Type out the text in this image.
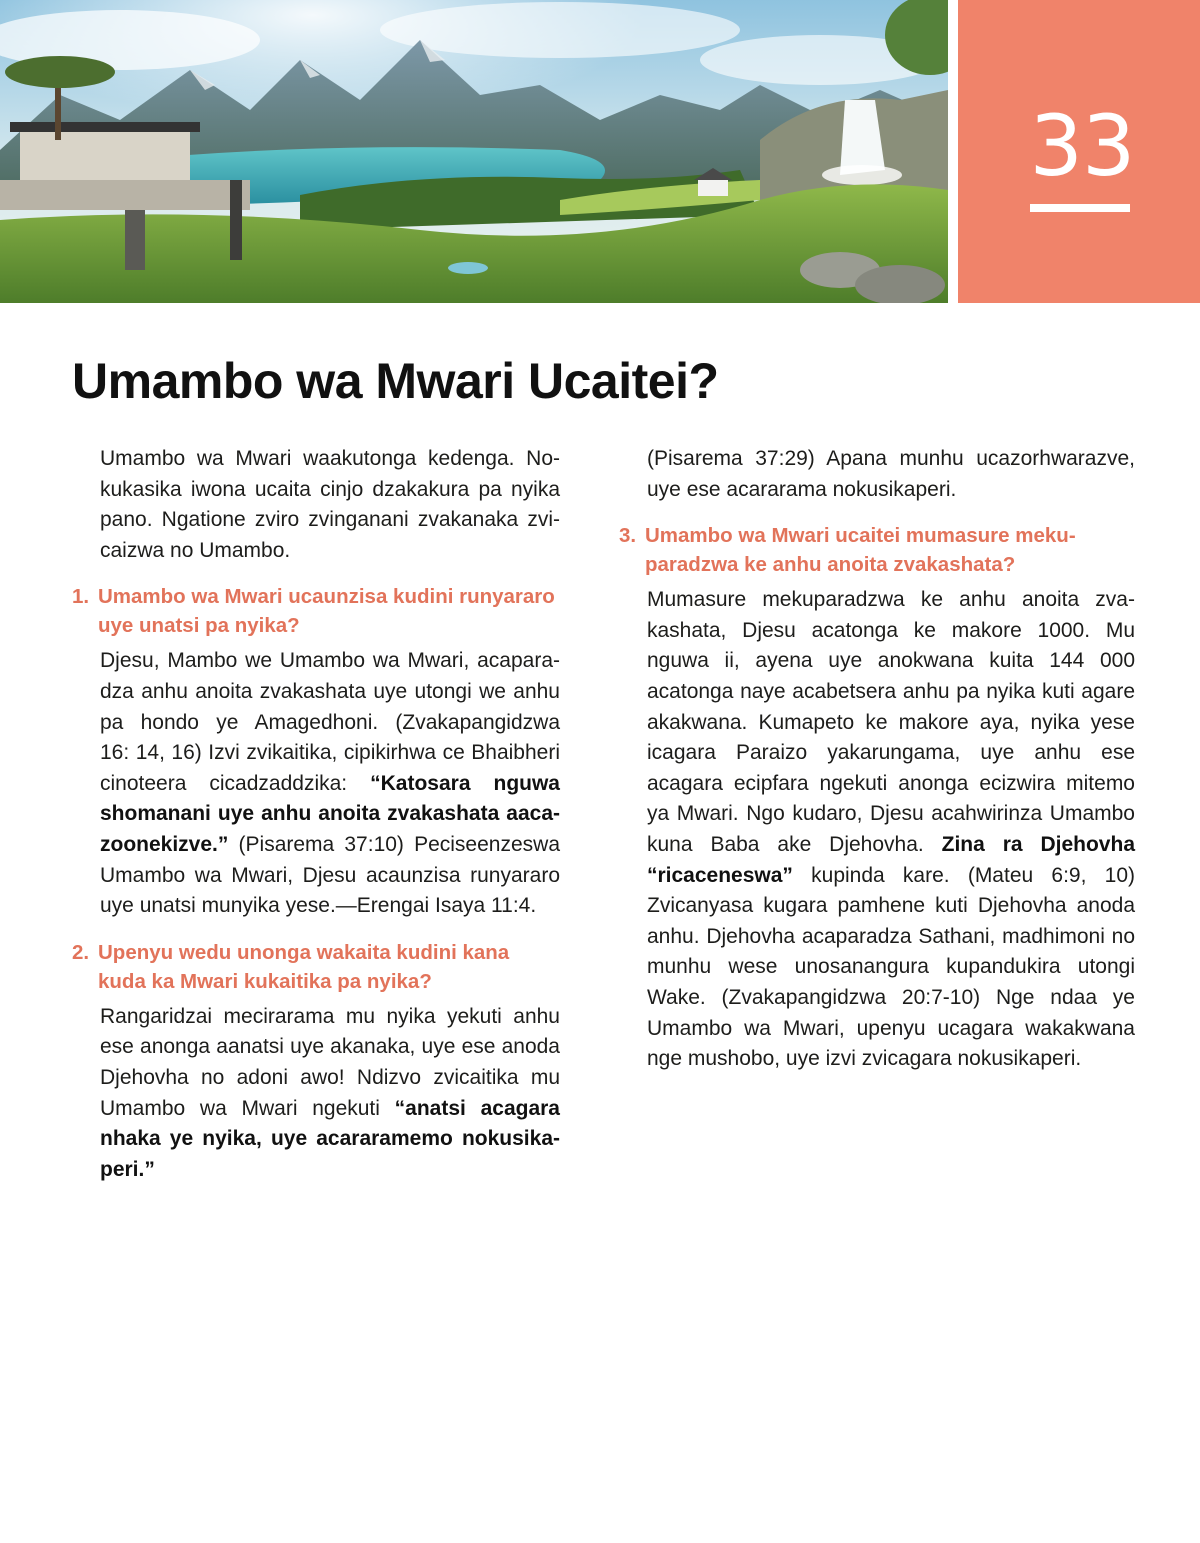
33
Umambo wa Mwari Ucaitei?

Umambo wa Mwari waakutonga kedenga. Nokukasika iwona ucaita cinjo dzakakura pa nyika pano. Ngatione zviro zvinganani zvakanaka zvicaizwa no Umambo.

1. Umambo wa Mwari ucaunzisa kudini runyararo uye unatsi pa nyika?

Djesu, Mambo we Umambo wa Mwari, acaparadza anhu anoita zvakashata uye utongi we anhu pa hondo ye Amagedhoni. (Zvakapangidzwa 16: 14, 16) Izvi zvikaitika, cipikirhwa ce Bhaibheri cinoteera cicadzaddzika: “Katosara nguwa shomanani uye anhu anoita zvakashata aacazoonekizve.” (Pisarema 37:10) Peciseenzeswa Umambo wa Mwari, Djesu acaunzisa runyararo uye unatsi munyika yese.—Erengai Isaya 11:4.

2. Upenyu wedu unonga wakaita kudini kana kuda ka Mwari kukaitika pa nyika?

Rangaridzai mecirarama mu nyika yekuti anhu ese anonga aanatsi uye akanaka, uye ese anoda Djehovha no adoni awo! Ndizvo zvicaitika mu Umambo wa Mwari ngekuti “anatsi acagara nhaka ye nyika, uye acararamemo nokusikaperi.”

(Pisarema 37:29) Apana munhu ucazorhwarazve, uye ese acararama nokusikaperi.

3. Umambo wa Mwari ucaitei mumasure mekuparadzwa ke anhu anoita zvakashata?

Mumasure mekuparadzwa ke anhu anoita zvakashata, Djesu acatonga ke makore 1000. Mu nguwa ii, ayena uye anokwana kuita 144 000 acatonga naye acabetsera anhu pa nyika kuti agare akakwana. Kumapeto ke makore aya, nyika yese icagara Paraizo yakarungama, uye anhu ese acagara ecipfara ngekuti anonga ecizwira mitemo ya Mwari. Ngo kudaro, Djesu acahwirinza Umambo kuna Baba ake Djehovha. Zina ra Djehovha “ricaceneswa” kupinda kare. (Mateu 6:9, 10) Zvicanyasa kugara pamhene kuti Djehovha anoda anhu. Djehovha acaparadza Sathani, madhimoni no munhu wese unosanangura kupandukira utongi Wake. (Zvakapangidzwa 20:7-10) Nge ndaa ye Umambo wa Mwari, upenyu ucagara wakakwana nge mushobo, uye izvi zvicagara nokusikaperi.
